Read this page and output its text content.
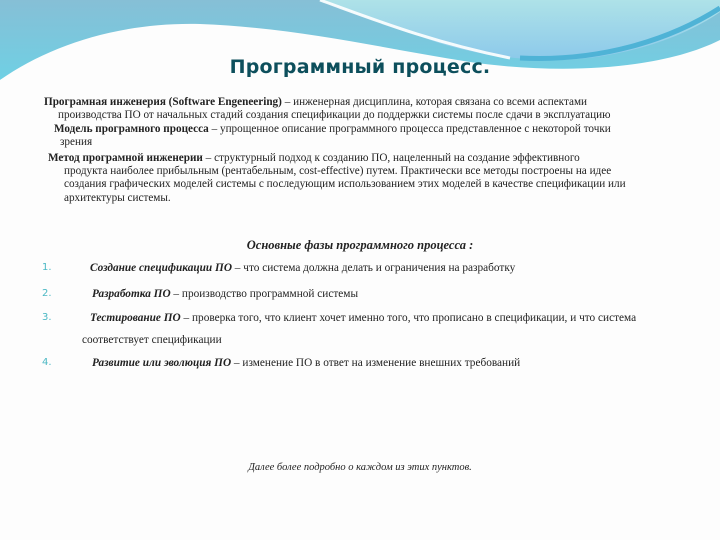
Программный процесс.

Програмная инженерия (Software Engeneering) – инженерная дисциплина, которая связана со всеми аспектами
производства ПО от начальных стадий создания спецификации до поддержки системы после сдачи в эксплуатацию

Модель програмного процесса – упрощенное описание программного процесса представленное с некоторой точки
зрения

Метод програмной инженерии – структурный подход к созданию ПО, нацеленный на создание эффективного
продукта наиболее прибыльным (рентабельным, cost-effective) путем. Практически все методы построены на идее
создания графических моделей системы с последующим использованием этих моделей в качестве спецификации или
архитектуры системы.

Основные фазы программного процесса :
1.	Создание спецификации ПО – что система должна делать и ограничения на разработку
2.	Разработка ПО – производство программной системы
3.	Тестирование ПО – проверка того, что клиент хочет именно того, что прописано в спецификации, и что система
соответствует спецификации
4.	Развитие или эволюция ПО – изменение ПО в ответ на изменение внешних требований
Далее более подробно о каждом из этих пунктов.
